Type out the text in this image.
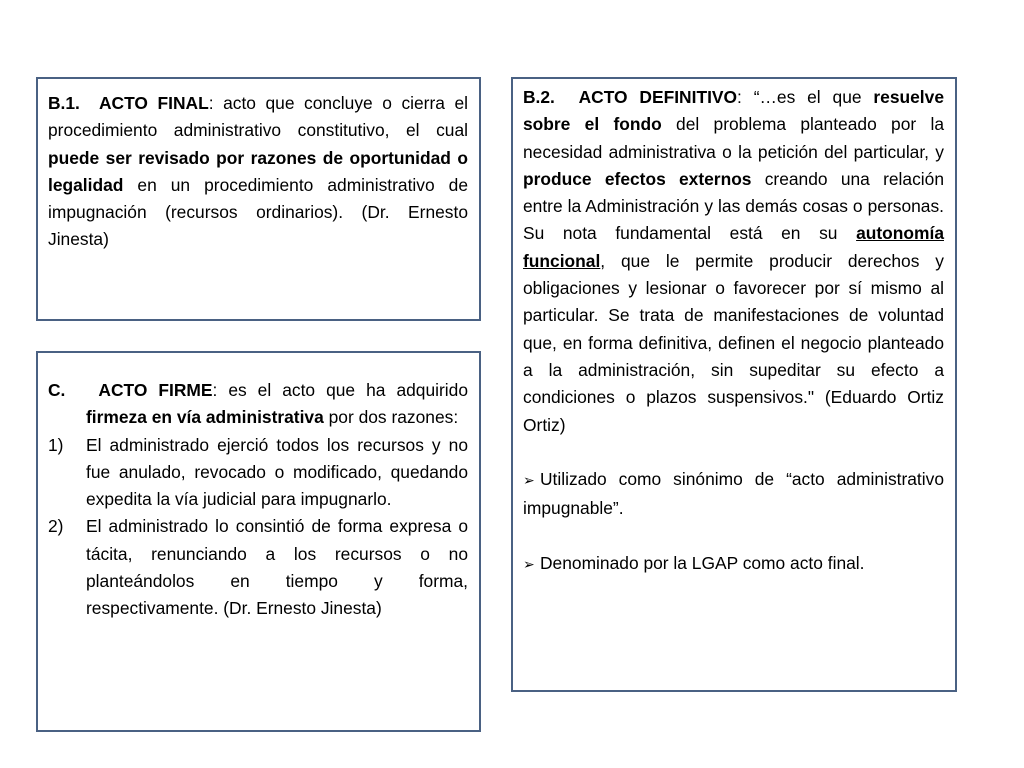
B.1. ACTO FINAL: acto que concluye o cierra el procedimiento administrativo constitutivo, el cual puede ser revisado por razones de oportunidad o legalidad en un procedimiento administrativo de impugnación (recursos ordinarios). (Dr. Ernesto Jinesta)

B.2. ACTO DEFINITIVO: “…es el que resuelve sobre el fondo del problema planteado por la necesidad administrativa o la petición del particular, y produce efectos externos creando una relación entre la Administración y las demás cosas o personas. Su nota fundamental está en su autonomía funcional, que le permite producir derechos y obligaciones y lesionar o favorecer por sí mismo al particular. Se trata de manifestaciones de voluntad que, en forma definitiva, definen el negocio planteado a la administración, sin supeditar su efecto a condiciones o plazos suspensivos." (Eduardo Ortiz Ortiz)

➢ Utilizado como sinónimo de “acto administrativo impugnable”.

➢ Denominado por la LGAP como acto final.

C. ACTO FIRME: es el acto que ha adquirido firmeza en vía administrativa por dos razones:

1) El administrado ejerció todos los recursos y no fue anulado, revocado o modificado, quedando expedita la vía judicial para impugnarlo.
2) El administrado lo consintió de forma expresa o tácita, renunciando a los recursos o no planteándolos en tiempo y forma, respectivamente. (Dr. Ernesto Jinesta)
